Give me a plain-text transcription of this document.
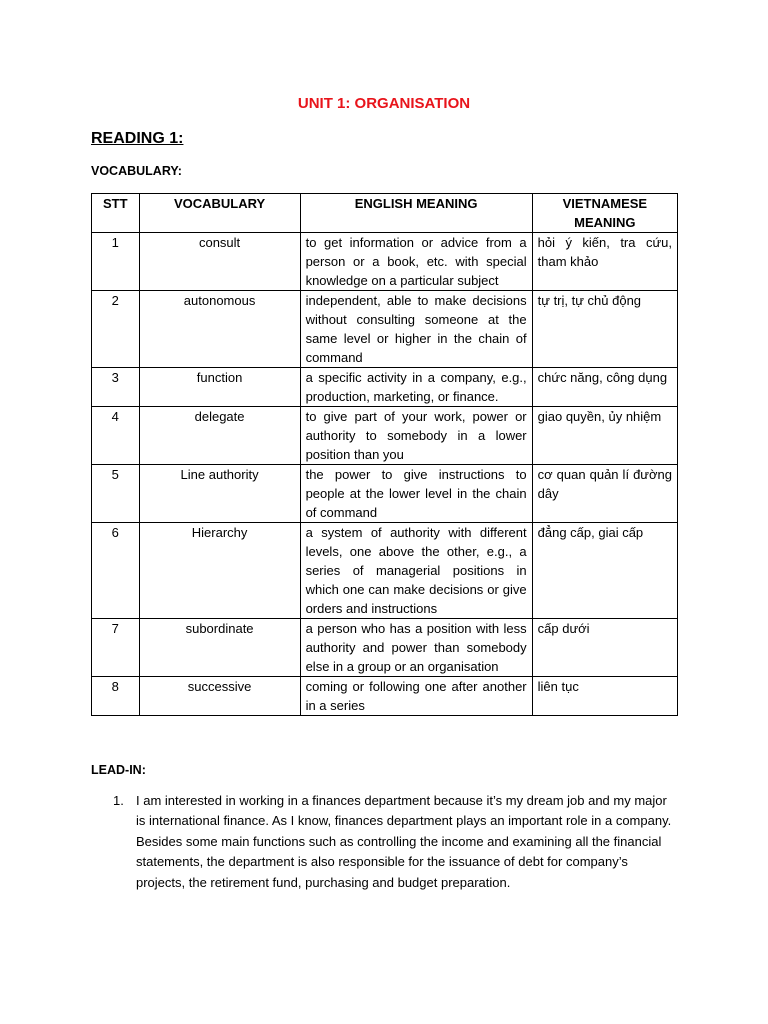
UNIT 1: ORGANISATION
READING 1:
VOCABULARY:
STT	VOCABULARY	ENGLISH MEANING	VIETNAMESE MEANING
1	consult	to get information or advice from a person or a book, etc. with special knowledge on a particular subject	hỏi ý kiến, tra cứu, tham khảo
2	autonomous	independent, able to make decisions without consulting someone at the same level or higher in the chain of command	tự trị, tự chủ động
3	function	a specific activity in a company, e.g., production, marketing, or finance.	chức năng, công dụng
4	delegate	to give part of your work, power or authority to somebody in a lower position than you	giao quyền, ủy nhiệm
5	Line authority	the power to give instructions to people at the lower level in the chain of command	cơ quan quản lí đường dây
6	Hierarchy	a system of authority with different levels, one above the other, e.g., a series of managerial positions in which one can make decisions or give orders and instructions	đẳng cấp, giai cấp
7	subordinate	a person who has a position with less authority and power than somebody else in a group or an organisation	cấp dưới
8	successive	coming or following one after another in a series	liên tục
LEAD-IN:
1. I am interested in working in a finances department because it’s my dream job and my major is international finance. As I know, finances department plays an important role in a company. Besides some main functions such as controlling the income and examining all the financial statements, the department is also responsible for the issuance of debt for company’s projects, the retirement fund, purchasing and budget preparation.
